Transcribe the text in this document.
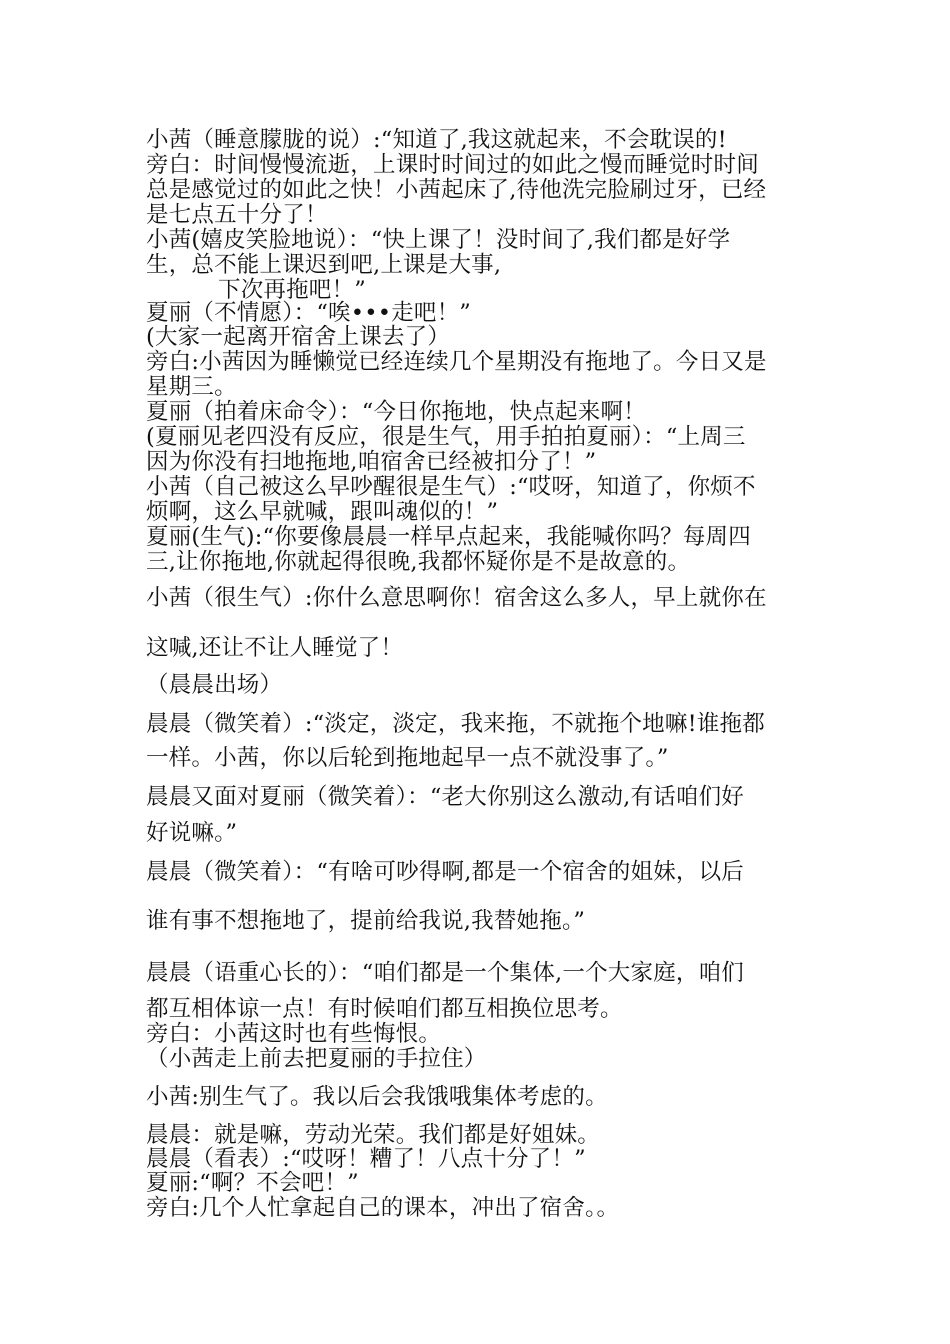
小茜（睡意朦胧的说）:“知道了,我这就起来，不会耽误的!
旁白：时间慢慢流逝，上课时时间过的如此之慢而睡觉时时间
总是感觉过的如此之快！小茜起床了,待他洗完脸刷过牙，已经
是七点五十分了！
小茜(嬉皮笑脸地说）：“快上课了！没时间了,我们都是好学
生，总不能上课迟到吧,上课是大事,
下次再拖吧！”
夏丽（不情愿）：“唉•••走吧！”
(大家一起离开宿舍上课去了）
旁白:小茜因为睡懒觉已经连续几个星期没有拖地了。今日又是
星期三。
夏丽（拍着床命令）：“今日你拖地，快点起来啊！
(夏丽见老四没有反应，很是生气，用手拍拍夏丽）：“上周三
因为你没有扫地拖地,咱宿舍已经被扣分了！”
小茜（自己被这么早吵醒很是生气）:“哎呀，知道了，你烦不
烦啊，这么早就喊，跟叫魂似的！”
夏丽(生气):“你要像晨晨一样早点起来，我能喊你吗？每周四
三,让你拖地,你就起得很晚,我都怀疑你是不是故意的。
小茜（很生气）:你什么意思啊你！宿舍这么多人，早上就你在
这喊,还让不让人睡觉了！
（晨晨出场）
晨晨（微笑着）:“淡定，淡定，我来拖，不就拖个地嘛!谁拖都
一样。小茜，你以后轮到拖地起早一点不就没事了。”
晨晨又面对夏丽（微笑着）：“老大你别这么激动,有话咱们好
好说嘛。”
晨晨（微笑着）：“有啥可吵得啊,都是一个宿舍的姐妹，以后
谁有事不想拖地了，提前给我说,我替她拖。”
晨晨（语重心长的）：“咱们都是一个集体,一个大家庭，咱们
都互相体谅一点！有时候咱们都互相换位思考。
旁白：小茜这时也有些悔恨。
（小茜走上前去把夏丽的手拉住）
小茜:别生气了。我以后会我饿哦集体考虑的。
晨晨：就是嘛，劳动光荣。我们都是好姐妹。
晨晨（看表）:“哎呀！糟了！八点十分了！”
夏丽:“啊？不会吧！”
旁白:几个人忙拿起自己的课本，冲出了宿舍。。
